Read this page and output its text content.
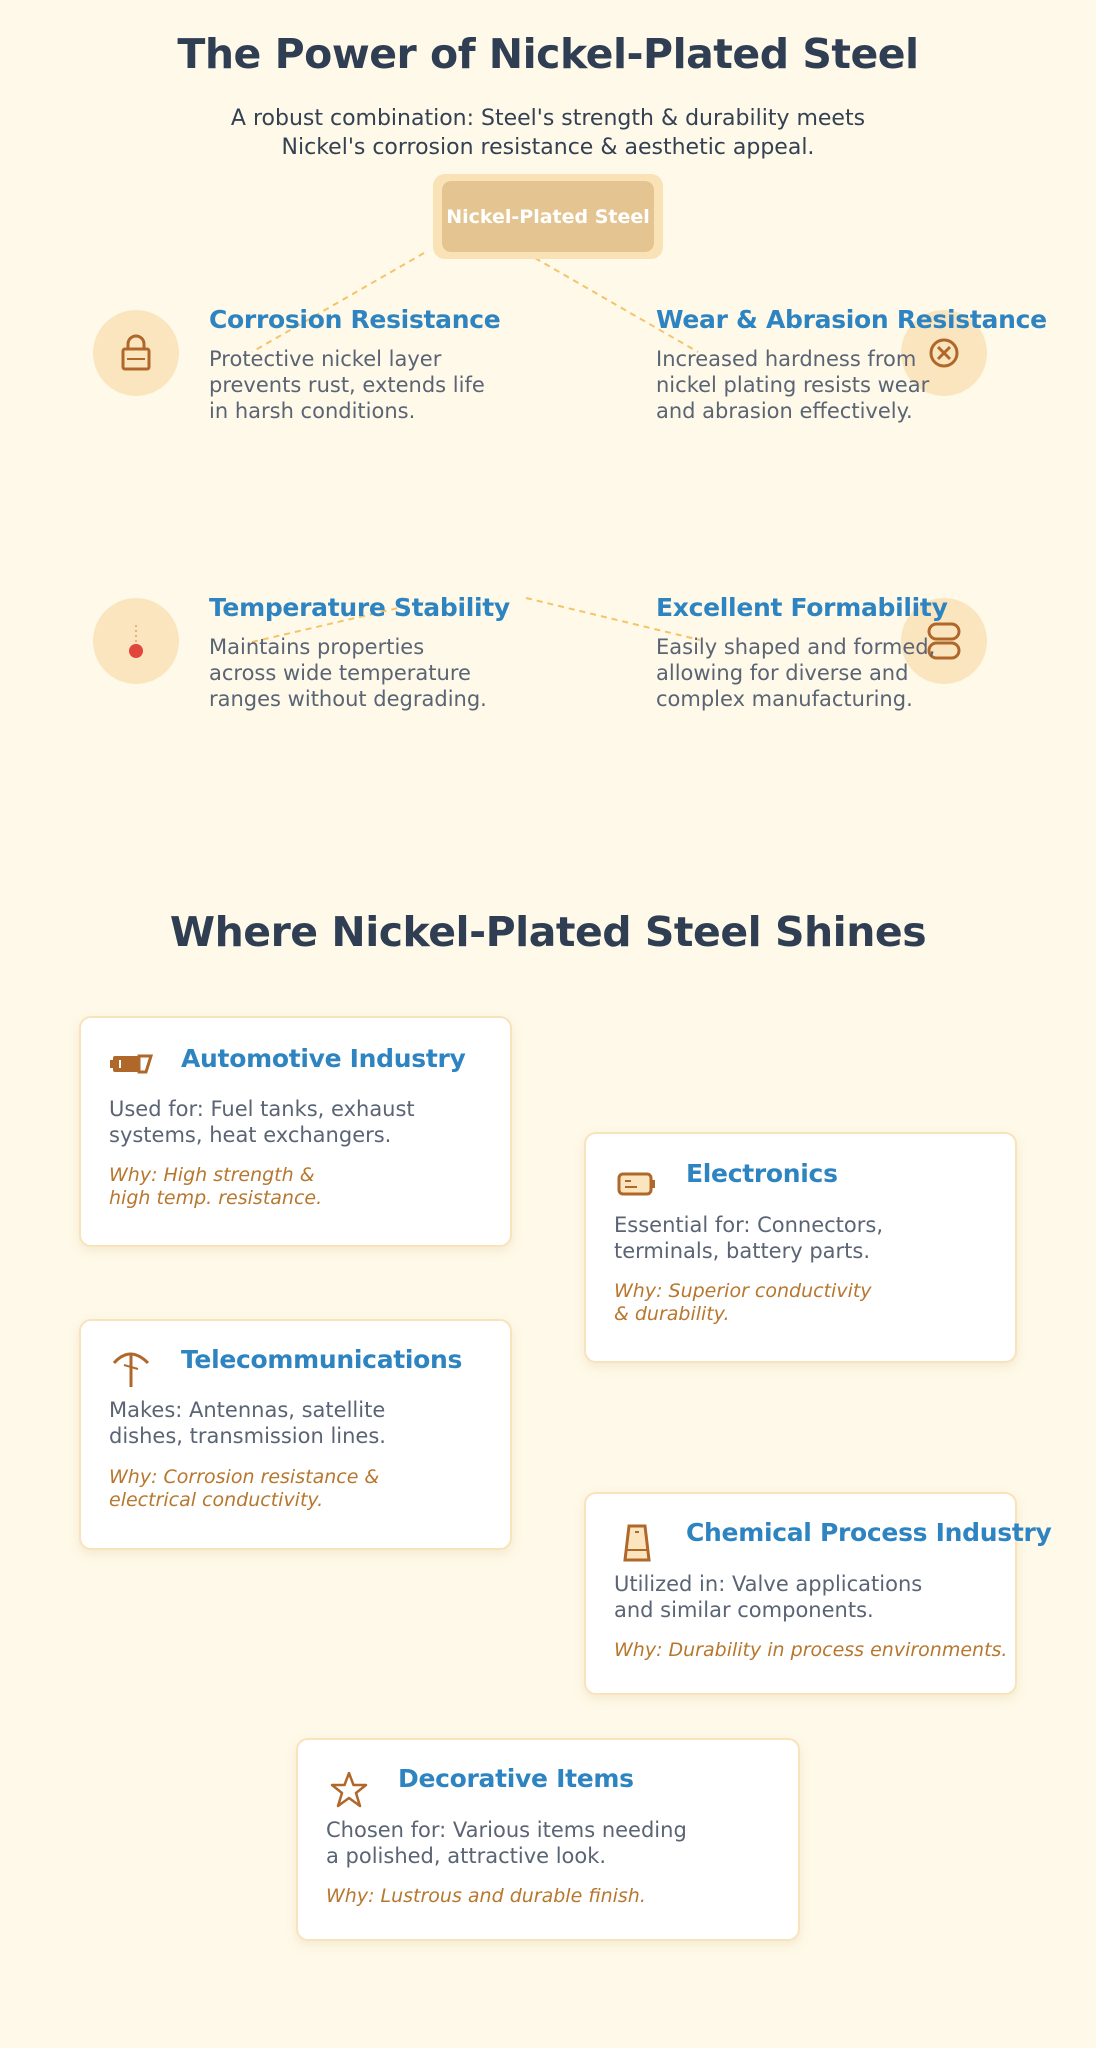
The Power of Nickel-Plated Steel
A robust combination: Steel's strength & durability meets
Nickel's corrosion resistance & aesthetic appeal.
Nickel-Plated Steel
Corrosion Resistance
Protective nickel layer
prevents rust, extends life
in harsh conditions.
Wear & Abrasion Resistance
Increased hardness from
nickel plating resists wear
and abrasion effectively.
Temperature Stability
Maintains properties
across wide temperature
ranges without degrading.
Excellent Formability
Easily shaped and formed,
allowing for diverse and
complex manufacturing.
Where Nickel-Plated Steel Shines
Automotive Industry
Used for: Fuel tanks, exhaust
systems, heat exchangers.
Why: High strength &
high temp. resistance.
Electronics
Essential for: Connectors,
terminals, battery parts.
Why: Superior conductivity
& durability.
Telecommunications
Makes: Antennas, satellite
dishes, transmission lines.
Why: Corrosion resistance &
electrical conductivity.
Chemical Process Industry
Utilized in: Valve applications
and similar components.
Why: Durability in process environments.
Decorative Items
Chosen for: Various items needing
a polished, attractive look.
Why: Lustrous and durable finish.
